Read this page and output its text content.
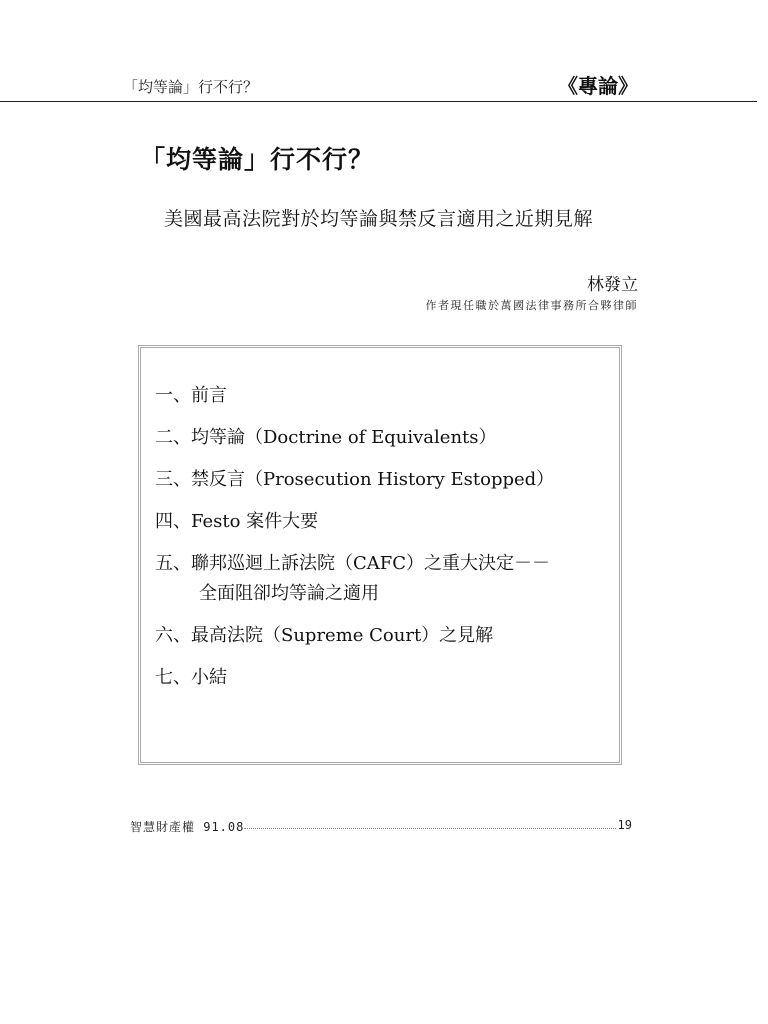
「均等論」行不行？	《專論》
「均等論」行不行？
美國最高法院對於均等論與禁反言適用之近期見解
林發立
作者現任職於萬國法律事務所合夥律師
一、前言
二、均等論（Doctrine of Equivalents）
三、禁反言（Prosecution History Estopped）
四、Festo 案件大要
五、聯邦巡迴上訴法院（CAFC）之重大決定－－
全面阻卻均等論之適用
六、最高法院（Supreme Court）之見解
七、小結
智慧財產權 91.08	19
